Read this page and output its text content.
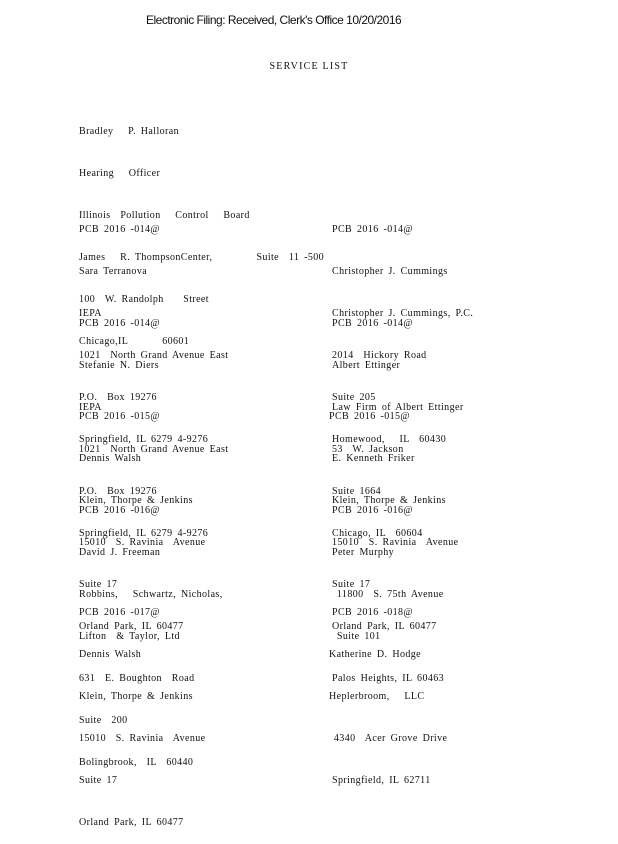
Electronic Filing: Received, Clerk's Office 10/20/2016
SERVICE LIST

Bradley   P. Halloran

Hearing   Officer

Illinois  Pollution   Control   Board

James   R. ThompsonCenter,         Suite  11 -500

100  W. Randolph    Street

Chicago,IL       60601

PCB 2016 -014@

Sara Terranova

IEPA

1021  North Grand Avenue East

P.O.  Box 19276

Springfield, IL 6279 4-9276

PCB 2016 -014@

Christopher J. Cummings

Christopher J. Cummings, P.C.

2014  Hickory Road

Suite 205

Homewood,   IL  60430

PCB 2016 -014@

Stefanie N. Diers

IEPA

1021  North Grand Avenue East

P.O.  Box 19276

Springfield, IL 6279 4-9276

PCB 2016 -014@

Albert Ettinger

Law Firm of Albert Ettinger

53  W. Jackson

Suite 1664

Chicago, IL  60604

PCB 2016 -015@

Dennis Walsh

Klein, Thorpe & Jenkins

15010  S. Ravinia  Avenue

Suite 17

Orland Park, IL 60477

PCB 2016 -015@

E. Kenneth Friker

Klein, Thorpe & Jenkins

15010  S. Ravinia  Avenue

Suite 17

Orland Park, IL 60477

PCB 2016 -016@

David J. Freeman

Robbins,   Schwartz, Nicholas,

Lifton  & Taylor, Ltd

631  E. Boughton  Road

Suite  200

Bolingbrook,  IL  60440

PCB 2016 -016@

Peter Murphy

11800  S. 75th Avenue

Suite 101

Palos Heights, IL 60463

PCB 2016 -017@

Dennis Walsh

Klein, Thorpe & Jenkins

15010  S. Ravinia  Avenue

Suite 17

Orland Park, IL 60477

PCB 2016 -018@

Katherine D. Hodge

Heplerbroom,   LLC

4340  Acer Grove Drive

Springfield, IL 62711
